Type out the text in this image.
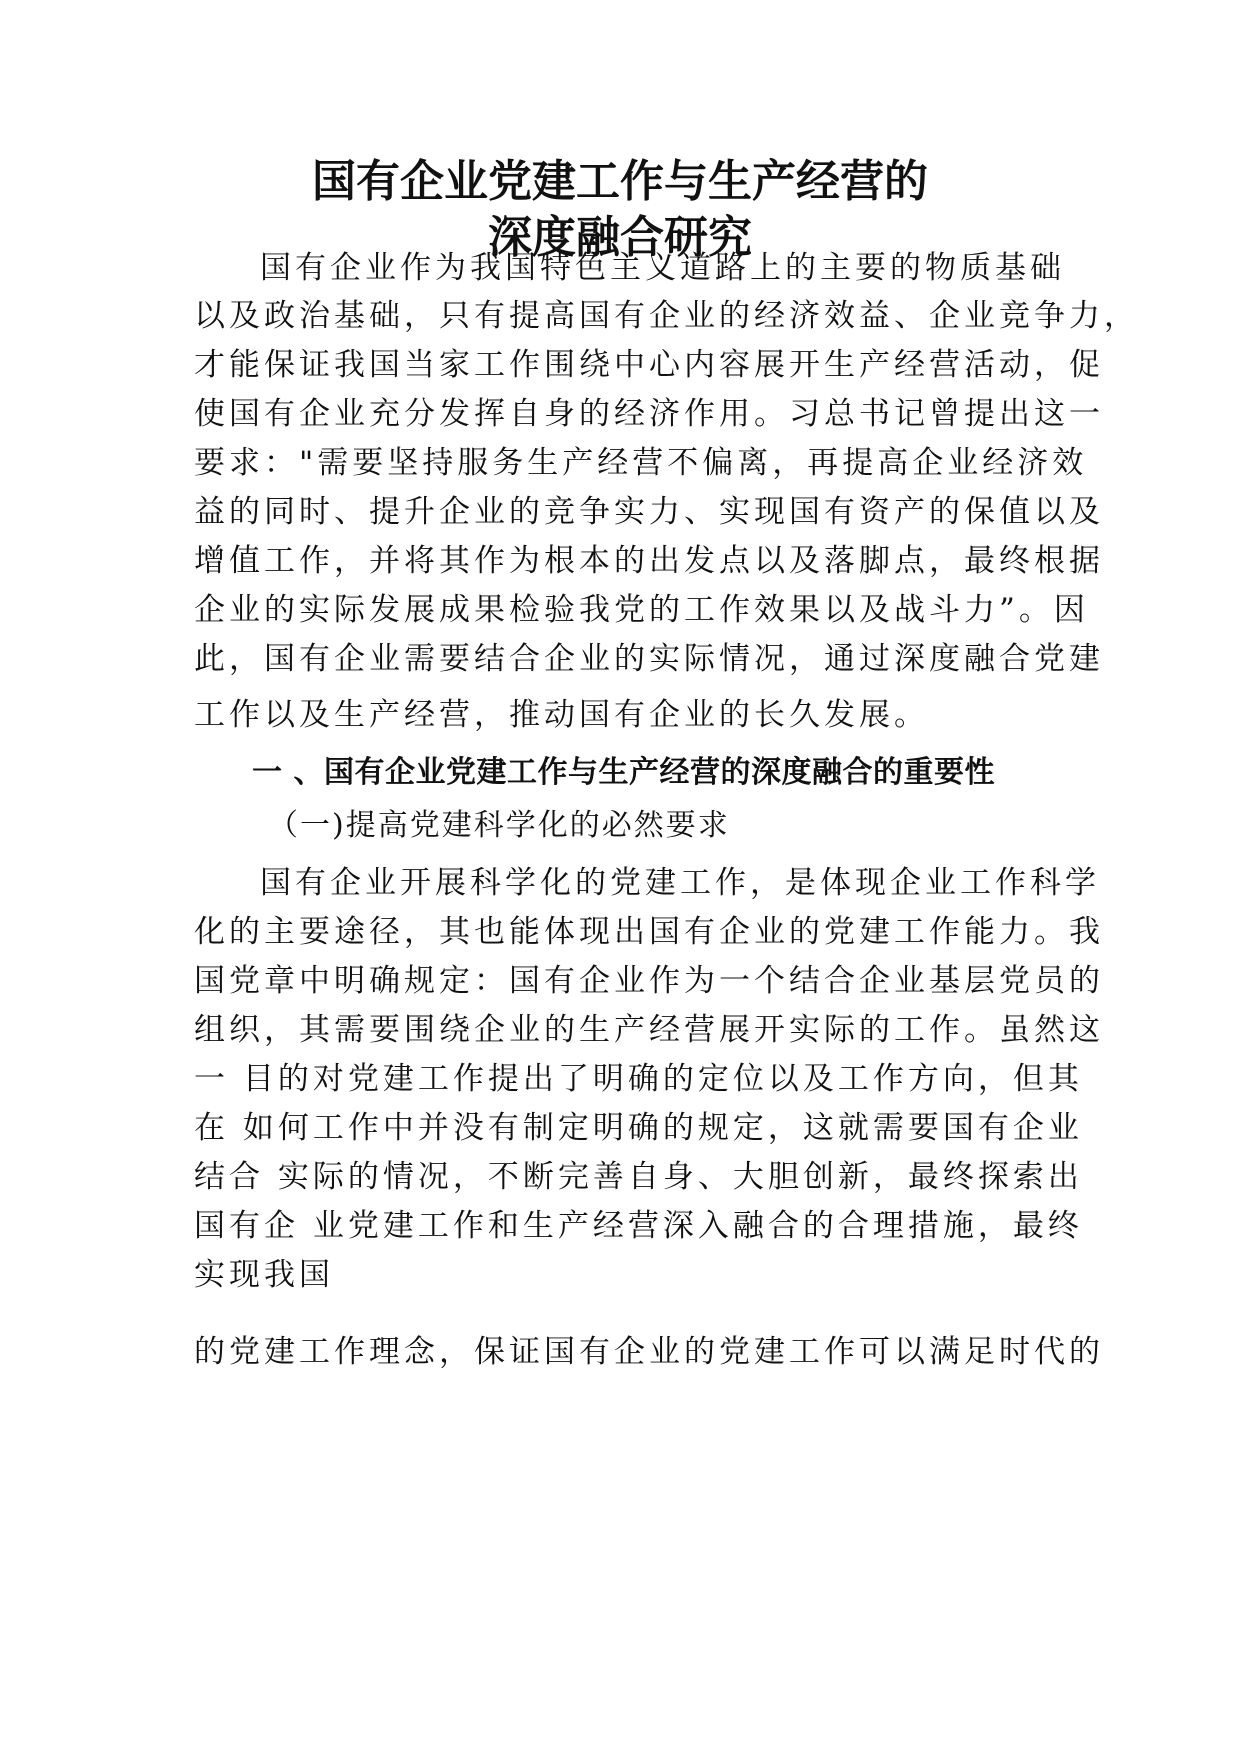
国有企业党建工作与生产经营的
深度融合研究
国有企业作为我国特色主义道路上的主要的物质基础
以及政治基础，只有提高国有企业的经济效益、企业竞争力，
才能保证我国当家工作围绕中心内容展开生产经营活动，促
使国有企业充分发挥自身的经济作用。习总书记曾提出这一
要求："需要坚持服务生产经营不偏离，再提高企业经济效
益的同时、提升企业的竞争实力、实现国有资产的保值以及
增值工作，并将其作为根本的出发点以及落脚点，最终根据
企业的实际发展成果检验我党的工作效果以及战斗力”。因
此，国有企业需要结合企业的实际情况，通过深度融合党建
工作以及生产经营，推动国有企业的长久发展。
一 、国有企业党建工作与生产经营的深度融合的重要性
（一)提高党建科学化的必然要求
国有企业开展科学化的党建工作，是体现企业工作科学
化的主要途径，其也能体现出国有企业的党建工作能力。我
国党章中明确规定：国有企业作为一个结合企业基层党员的
组织，其需要围绕企业的生产经营展开实际的工作。虽然这
一 目的对党建工作提出了明确的定位以及工作方向，但其
在 如何工作中并没有制定明确的规定，这就需要国有企业
结合 实际的情况，不断完善自身、大胆创新，最终探索出
国有企 业党建工作和生产经营深入融合的合理措施，最终
实现我国
的党建工作理念，保证国有企业的党建工作可以满足时代的
